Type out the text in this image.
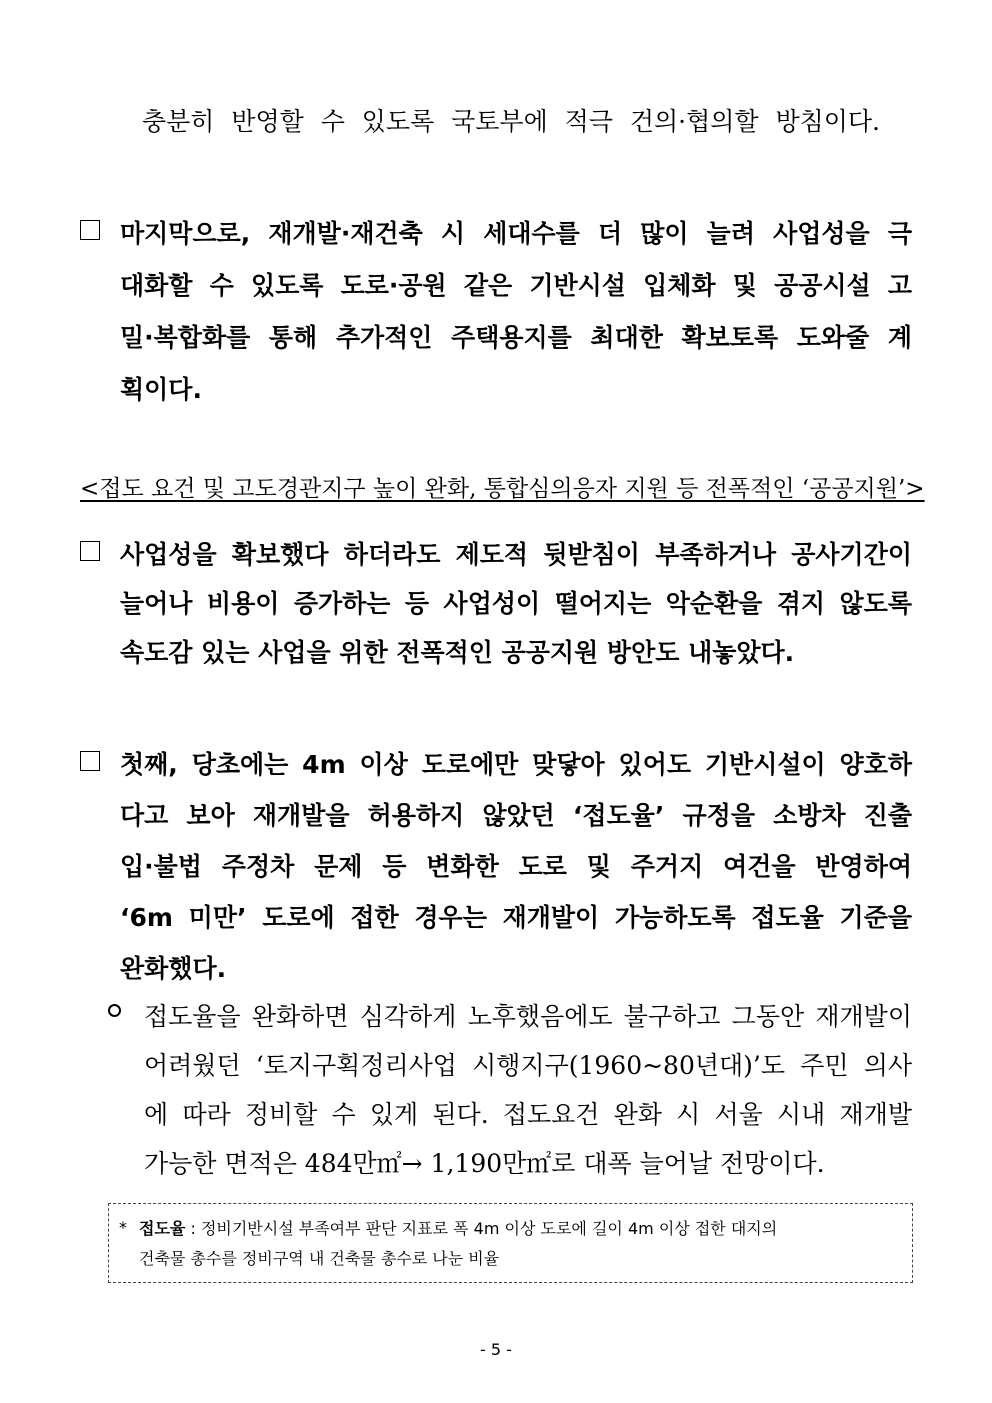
충분히 반영할 수 있도록 국토부에 적극 건의·협의할 방침이다.
마지막으로, 재개발·재건축 시 세대수를 더 많이 늘려 사업성을 극
대화할 수 있도록 도로·공원 같은 기반시설 입체화 및 공공시설 고
밀·복합화를 통해 추가적인 주택용지를 최대한 확보토록 도와줄 계
획이다.
<접도 요건 및 고도경관지구 높이 완화, 통합심의응자 지원 등 전폭적인 ‘공공지원’>
사업성을 확보했다 하더라도 제도적 뒷받침이 부족하거나 공사기간이
늘어나 비용이 증가하는 등 사업성이 떨어지는 악순환을 겪지 않도록
속도감 있는 사업을 위한 전폭적인 공공지원 방안도 내놓았다.
첫째, 당초에는 4m 이상 도로에만 맞닿아 있어도 기반시설이 양호하
다고 보아 재개발을 허용하지 않았던 ‘접도율’ 규정을 소방차 진출
입·불법 주정차 문제 등 변화한 도로 및 주거지 여건을 반영하여
‘6m 미만’ 도로에 접한 경우는 재개발이 가능하도록 접도율 기준을
완화했다.
접도율을 완화하면 심각하게 노후했음에도 불구하고 그동안 재개발이
어려웠던 ‘토지구획정리사업 시행지구(1960~80년대)’도 주민 의사
에 따라 정비할 수 있게 된다. 접도요건 완화 시 서울 시내 재개발
가능한 면적은 484만㎡→ 1,190만㎡로 대폭 늘어날 전망이다.
* 접도율 : 정비기반시설 부족여부 판단 지표로 폭 4m 이상 도로에 길이 4m 이상 접한 대지의
건축물 총수를 정비구역 내 건축물 총수로 나눈 비율
- 5 -
